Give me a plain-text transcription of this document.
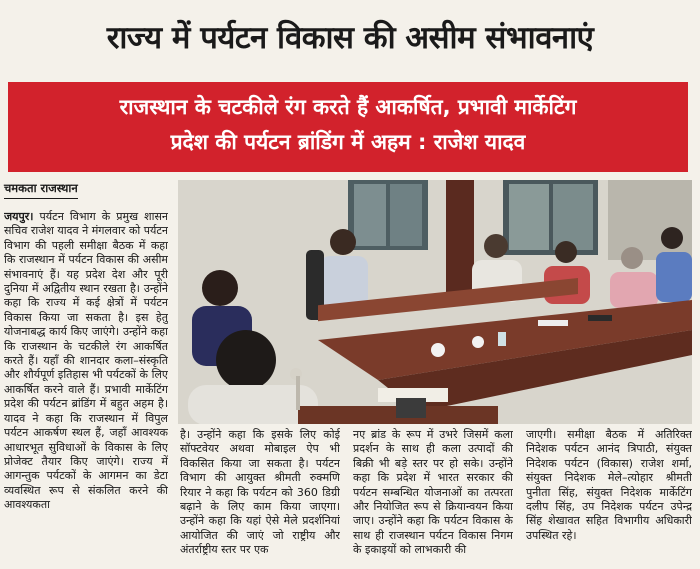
राज्य में पर्यटन विकास की असीम संभावनाएं
राजस्थान के चटकीले रंग करते हैं आकर्षित, प्रभावी मार्केटिंग
प्रदेश की पर्यटन ब्रांडिंग में अहम : राजेश यादव
चमकता राजस्थान

जयपुर। पर्यटन विभाग के प्रमुख शासन सचिव राजेश यादव ने मंगलवार को पर्यटन विभाग की पहली समीक्षा बैठक में कहा कि राजस्थान में पर्यटन विकास की असीम संभावनाएं हैं। यह प्रदेश देश और पूरी दुनिया में अद्वितीय स्थान रखता है। उन्होंने कहा कि राज्य में कई क्षेत्रों में पर्यटन विकास किया जा सकता है। इस हेतु योजनाबद्ध कार्य किए जाएंगे। उन्होंने कहा कि राजस्थान के चटकीले रंग आकर्षित करते हैं। यहाँ की शानदार कला–संस्कृति और शौर्यपूर्ण इतिहास भी पर्यटकों के लिए आकर्षित करने वाले हैं। प्रभावी मार्केटिंग प्रदेश की पर्यटन ब्रांडिंग में बहुत अहम है। यादव ने कहा कि राजस्थान में विपुल पर्यटन आकर्षण स्थल हैं, जहाँ आवश्यक आधारभूत सुविधाओं के विकास के लिए प्रोजेक्ट तैयार किए जाएंगे। राज्य में आगन्तुक पर्यटकों के आगमन का डेटा व्यवस्थित रूप से संकलित करने की आवश्यकता

है। उन्होंने कहा कि इसके लिए कोई सॉफ्टवेयर अथवा मोबाइल ऐप भी विकसित किया जा सकता है। पर्यटन विभाग की आयुक्त श्रीमती रुक्मणि रियार ने कहा कि पर्यटन को 360 डिग्री बढ़ाने के लिए काम किया जाएगा। उन्होंने कहा कि यहां ऐसे मेले प्रदर्शनियां आयोजित की जाएं जो राष्ट्रीय और अंतर्राष्ट्रीय स्तर पर एक

नए ब्रांड के रूप में उभरे जिसमें कला प्रदर्शन के साथ ही कला उत्पादों की बिक्री भी बड़े स्तर पर हो सके। उन्होंने कहा कि प्रदेश में भारत सरकार की पर्यटन सम्बन्धित योजनाओं का तत्परता और नियोजित रूप से क्रियान्वयन किया जाए। उन्होंने कहा कि पर्यटन विकास के साथ ही राजस्थान पर्यटन विकास निगम के इकाइयों को लाभकारी की

जाएगी। समीक्षा बैठक में अतिरिक्त निदेशक पर्यटन आनंद त्रिपाठी, संयुक्त निदेशक पर्यटन (विकास) राजेश शर्मा, संयुक्त निदेशक मेले–त्योहार श्रीमती पुनीता सिंह, संयुक्त निदेशक मार्केटिंग दलीप सिंह, उप निदेशक पर्यटन उपेन्द्र सिंह शेखावत सहित विभागीय अधिकारी उपस्थित रहे।
